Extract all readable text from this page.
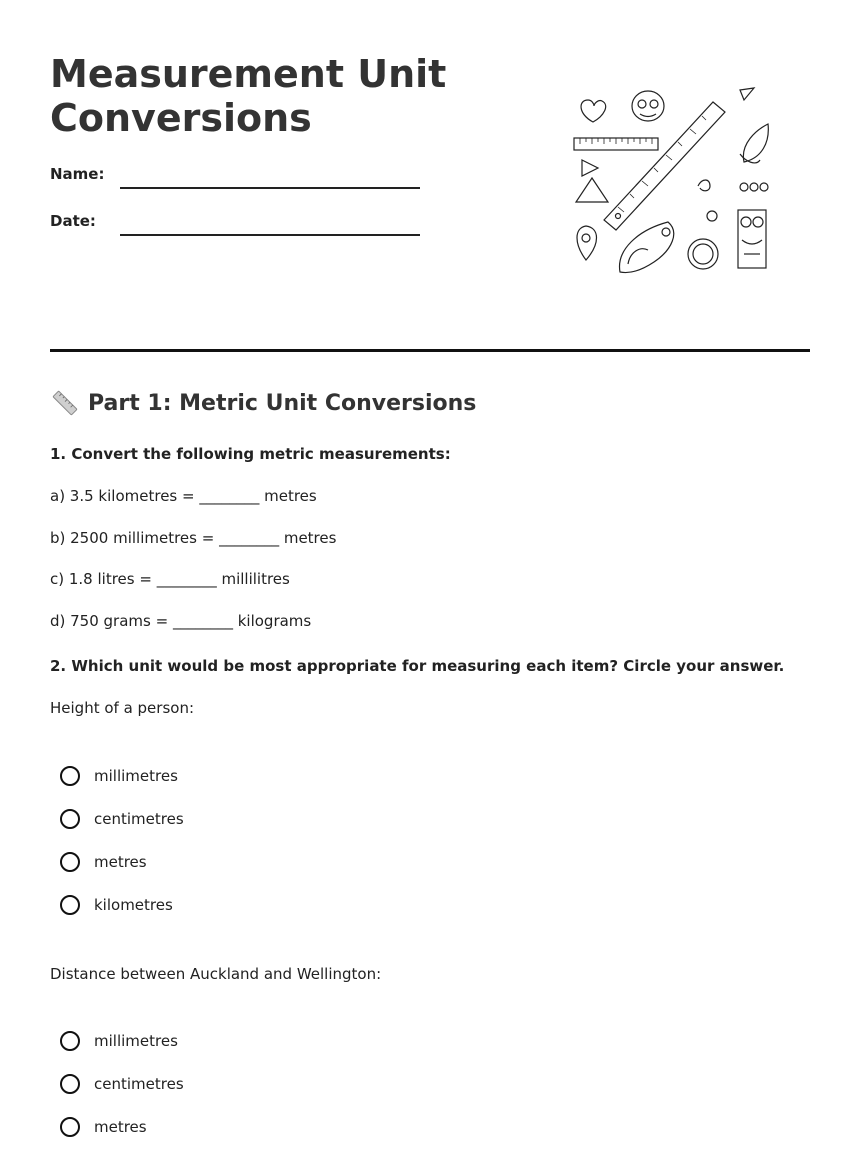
Measurement Unit Conversions
Name:
Date:
Part 1: Metric Unit Conversions
1. Convert the following metric measurements:
a) 3.5 kilometres = ________ metres
b) 2500 millimetres = ________ metres
c) 1.8 litres = ________ millilitres
d) 750 grams = ________ kilograms
2. Which unit would be most appropriate for measuring each item? Circle your answer.
Height of a person:
millimetres
centimetres
metres
kilometres
Distance between Auckland and Wellington:
millimetres
centimetres
metres
